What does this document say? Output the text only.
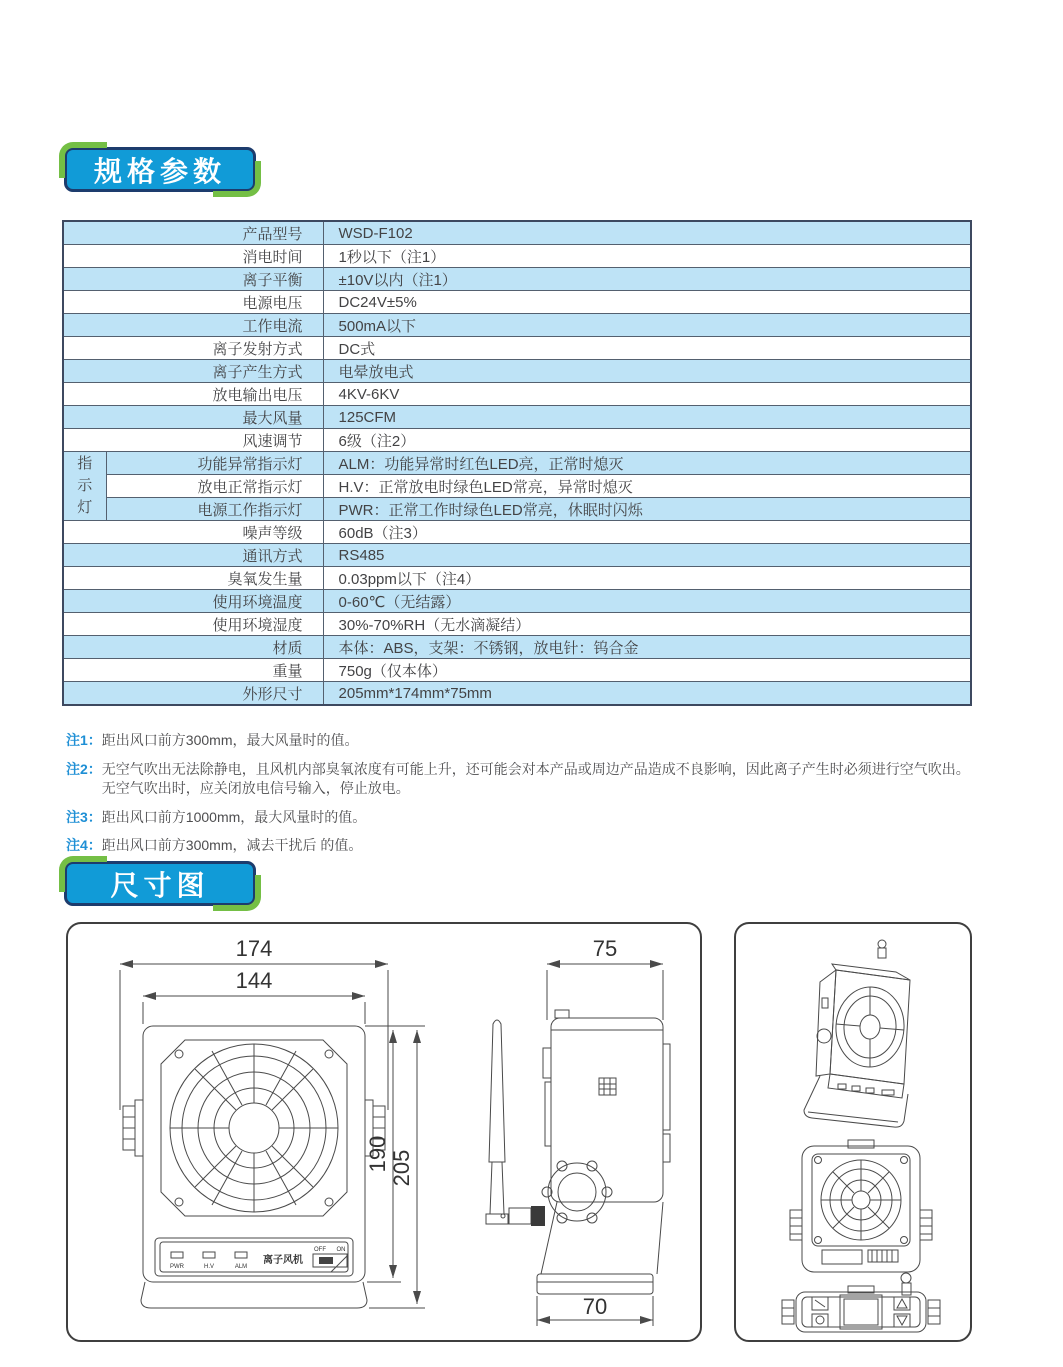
规格参数
产品型号		WSD-F102
消电时间		1秒以下（注1）
离子平衡		±10V以内（注1）
电源电压		DC24V±5%
工作电流		500mA以下
离子发射方式		DC式
离子产生方式		电晕放电式
放电输出电压		4KV-6KV
最大风量		125CFM
风速调节		6级（注2）
指示灯	功能异常指示灯	ALM：功能异常时红色LED亮，正常时熄灭
	放电正常指示灯	H.V：正常放电时绿色LED常亮，异常时熄灭
	电源工作指示灯	PWR：正常工作时绿色LED常亮，休眠时闪烁
噪声等级		60dB（注3）
通讯方式		RS485
臭氧发生量		0.03ppm以下（注4）
使用环境温度		0-60℃（无结露）
使用环境湿度		30%-70%RH（无水滴凝结）
材质		本体：ABS，支架：不锈钢，放电针：钨合金
重量		750g（仅本体）
外形尺寸		205mm*174mm*75mm
注1： 距出风口前方300mm，最大风量时的值。
注2： 无空气吹出无法除静电，且风机内部臭氧浓度有可能上升，还可能会对本产品或周边产品造成不良影响，因此离子产生时必须进行空气吹出。
无空气吹出时，应关闭放电信号输入，停止放电。
注3： 距出风口前方1000mm，最大风量时的值。
注4： 距出风口前方300mm，减去干扰后 的值。
尺寸图
174
144
190 205
PWR	H.V	ALM
离子风机
OFF ON
75
70
